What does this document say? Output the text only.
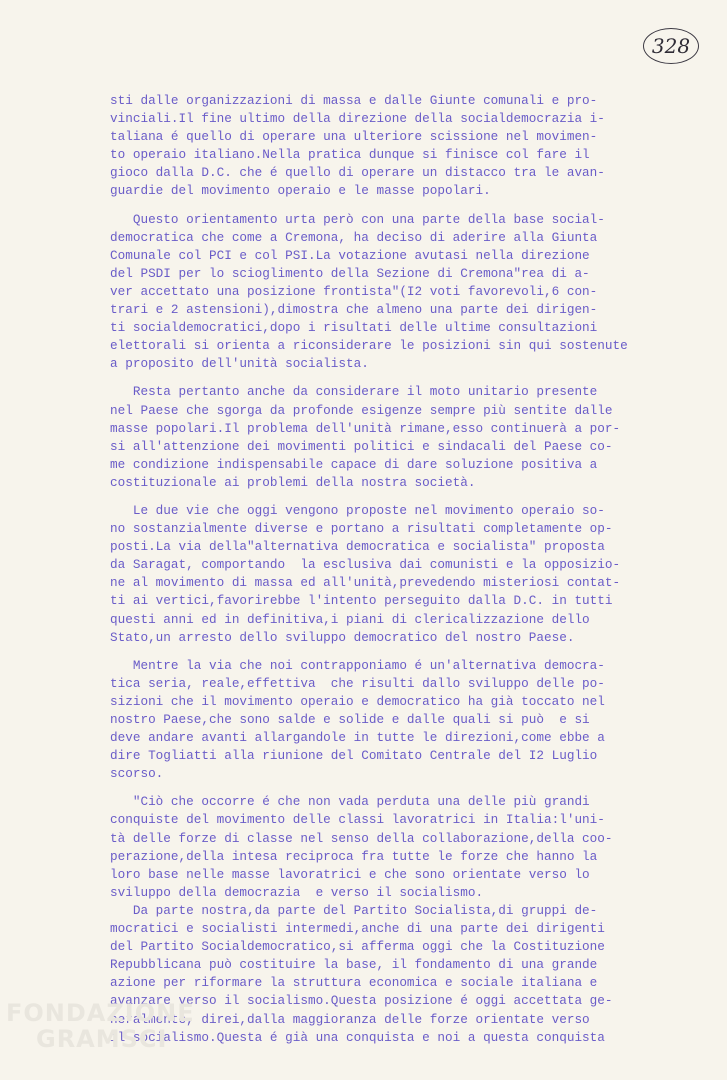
328
sti dalle organizzazioni di massa e dalle Giunte comunali e pro-
vinciali.Il fine ultimo della direzione della socialdemocrazia i-
taliana é quello di operare una ulteriore scissione nel movimen-
to operaio italiano.Nella pratica dunque si finisce col fare il
gioco dalla D.C. che é quello di operare un distacco tra le avan-
guardie del movimento operaio e le masse popolari.
Questo orientamento urta però con una parte della base social-
democratica che come a Cremona, ha deciso di aderire alla Giunta
Comunale col PCI e col PSI.La votazione avutasi nella direzione
del PSDI per lo scioglimento della Sezione di Cremona"rea di a-
ver accettato una posizione frontista"(I2 voti favorevoli,6 con-
trari e 2 astensioni),dimostra che almeno una parte dei dirigen-
ti socialdemocratici,dopo i risultati delle ultime consultazioni
elettorali si orienta a riconsiderare le posizioni sin qui sostenute
a proposito dell'unità socialista.
Resta pertanto anche da considerare il moto unitario presente
nel Paese che sgorga da profonde esigenze sempre più sentite dalle
masse popolari.Il problema dell'unità rimane,esso continuerà a por-
si all'attenzione dei movimenti politici e sindacali del Paese co-
me condizione indispensabile capace di dare soluzione positiva a
costituzionale ai problemi della nostra società.
Le due vie che oggi vengono proposte nel movimento operaio so-
no sostanzialmente diverse e portano a risultati completamente op-
posti.La via della"alternativa democratica e socialista" proposta
da Saragat, comportando  la esclusiva dai comunisti e la opposizio-
ne al movimento di massa ed all'unità,prevedendo misteriosi contat-
ti ai vertici,favorirebbe l'intento perseguito dalla D.C. in tutti
questi anni ed in definitiva,i piani di clericalizzazione dello
Stato,un arresto dello sviluppo democratico del nostro Paese.
Mentre la via che noi contrapponiamo é un'alternativa democra-
tica seria, reale,effettiva  che risulti dallo sviluppo delle po-
sizioni che il movimento operaio e democratico ha già toccato nel
nostro Paese,che sono salde e solide e dalle quali si può  e si
deve andare avanti allargandole in tutte le direzioni,come ebbe a
dire Togliatti alla riunione del Comitato Centrale del I2 Luglio
scorso.
"Ciò che occorre é che non vada perduta una delle più grandi
conquiste del movimento delle classi lavoratrici in Italia:l'uni-
tà delle forze di classe nel senso della collaborazione,della coo-
perazione,della intesa reciproca fra tutte le forze che hanno la
loro base nelle masse lavoratrici e che sono orientate verso lo
sviluppo della democrazia  e verso il socialismo.
Da parte nostra,da parte del Partito Socialista,di gruppi de-
mocratici e socialisti intermedi,anche di una parte dei dirigenti
del Partito Socialdemocratico,si afferma oggi che la Costituzione
Repubblicana può costituire la base, il fondamento di una grande
azione per riformare la struttura economica e sociale italiana e
avanzare verso il socialismo.Questa posizione é oggi accettata ge-
neralmente, direi,dalla maggioranza delle forze orientate verso
il socialismo.Questa é già una conquista e noi a questa conquista
FONDAZIONE
GRAMSCI
